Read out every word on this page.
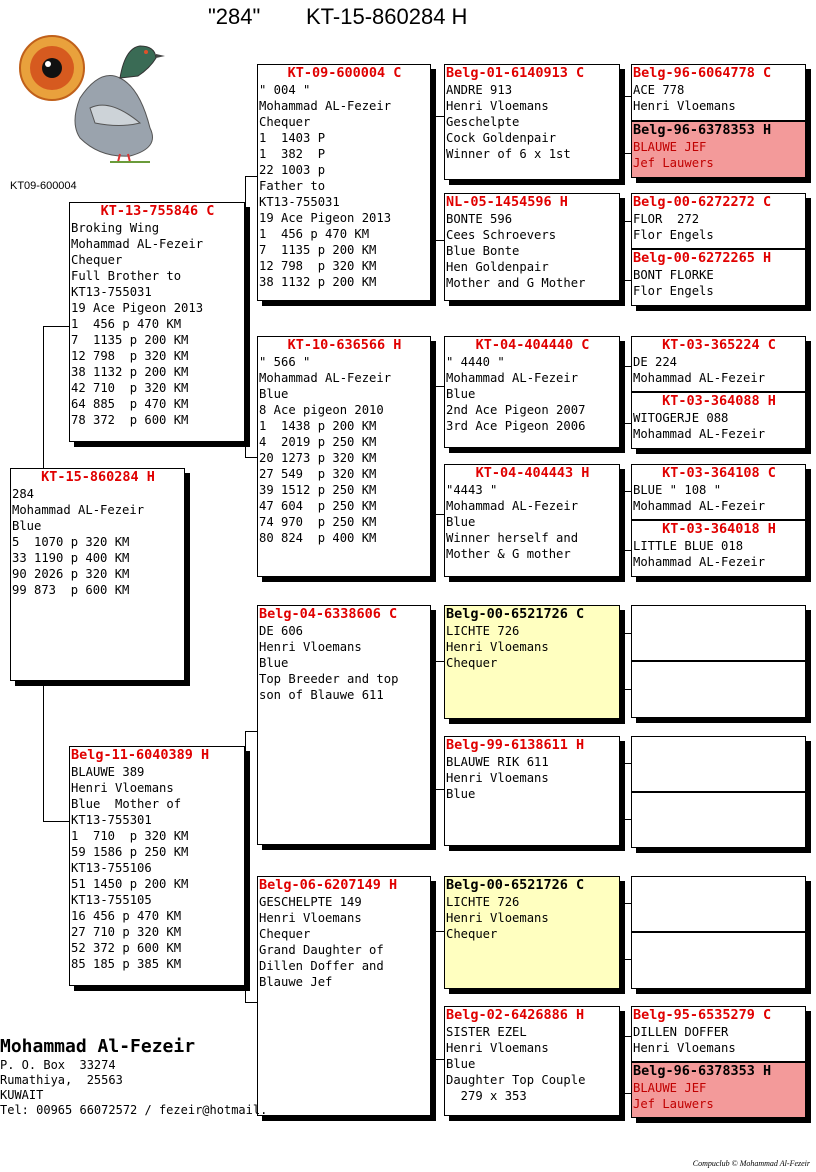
"284" KT-15-860284 H
KT09-600004
KT-15-860284 H
284
Mohammad AL-Fezeir
Blue
5  1070 p 320 KM
33 1190 p 400 KM
90 2026 p 320 KM
99 873  p 600 KM
KT-13-755846 C
Broking Wing
Mohammad AL-Fezeir
Chequer
Full Brother to
KT13-755031
19 Ace Pigeon 2013
1  456 p 470 KM
7  1135 p 200 KM
12 798  p 320 KM
38 1132 p 200 KM
42 710  p 320 KM
64 885  p 470 KM
78 372  p 600 KM
Belg-11-6040389 H
BLAUWE 389
Henri Vloemans
Blue  Mother of
KT13-755301
1  710  p 320 KM
59 1586 p 250 KM
KT13-755106
51 1450 p 200 KM
KT13-755105
16 456 p 470 KM
27 710 p 320 KM
52 372 p 600 KM
85 185 p 385 KM
KT-09-600004 C
" 004 "
Mohammad AL-Fezeir
Chequer
1  1403 P
1  382  P
22 1003 p
Father to
KT13-755031
19 Ace Pigeon 2013
1  456 p 470 KM
7  1135 p 200 KM
12 798  p 320 KM
38 1132 p 200 KM
KT-10-636566 H
" 566 "
Mohammad AL-Fezeir
Blue
8 Ace pigeon 2010
1  1438 p 200 KM
4  2019 p 250 KM
20 1273 p 320 KM
27 549  p 320 KM
39 1512 p 250 KM
47 604  p 250 KM
74 970  p 250 KM
80 824  p 400 KM
Belg-04-6338606 C
DE 606
Henri Vloemans
Blue
Top Breeder and top
son of Blauwe 611
Belg-06-6207149 H
GESCHELPTE 149
Henri Vloemans
Chequer
Grand Daughter of
Dillen Doffer and
Blauwe Jef
Belg-01-6140913 C
ANDRE 913
Henri Vloemans
Geschelpte
Cock Goldenpair
Winner of 6 x 1st
NL-05-1454596 H
BONTE 596
Cees Schroevers
Blue Bonte
Hen Goldenpair
Mother and G Mother
KT-04-404440 C
" 4440 "
Mohammad AL-Fezeir
Blue
2nd Ace Pigeon 2007
3rd Ace Pigeon 2006
KT-04-404443 H
"4443 "
Mohammad AL-Fezeir
Blue
Winner herself and
Mother & G mother
Belg-00-6521726 C
LICHTE 726
Henri Vloemans
Chequer
Belg-99-6138611 H
BLAUWE RIK 611
Henri Vloemans
Blue
Belg-00-6521726 C
LICHTE 726
Henri Vloemans
Chequer
Belg-02-6426886 H
SISTER EZEL
Henri Vloemans
Blue
Daughter Top Couple
279 x 353
Belg-96-6064778 C
ACE 778
Henri Vloemans
Belg-96-6378353 H
BLAUWE JEF
Jef Lauwers
Belg-00-6272272 C
FLOR  272
Flor Engels
Belg-00-6272265 H
BONT FLORKE
Flor Engels
KT-03-365224 C
DE 224
Mohammad AL-Fezeir
KT-03-364088 H
WITOGERJE 088
Mohammad AL-Fezeir
KT-03-364108 C
BLUE " 108 "
Mohammad AL-Fezeir
KT-03-364018 H
LITTLE BLUE 018
Mohammad AL-Fezeir
Belg-95-6535279 C
DILLEN DOFFER
Henri Vloemans
Belg-96-6378353 H
BLAUWE JEF
Jef Lauwers
Mohammad Al-Fezeir
P. O. Box  33274
Rumathiya,  25563
KUWAIT
Tel: 00965 66072572 / fezeir@hotmail.
Compuclub © Mohammad Al-Fezeir
